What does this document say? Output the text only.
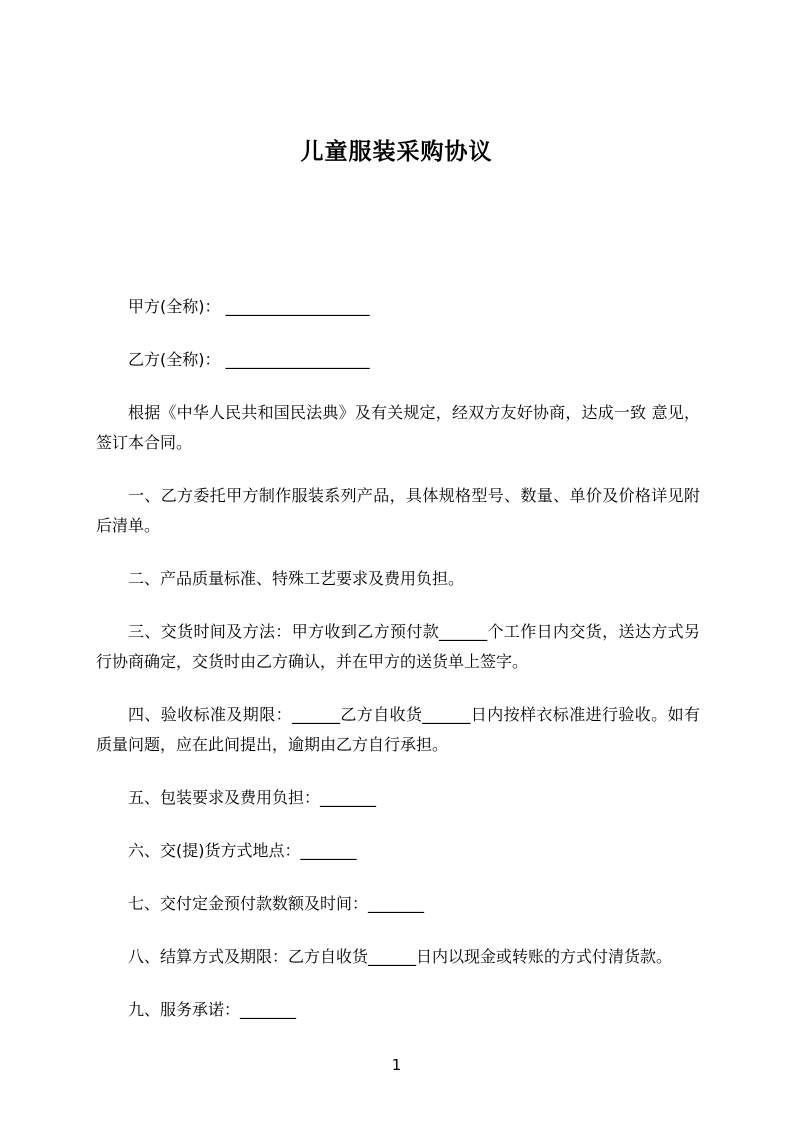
儿童服装采购协议

甲方(全称)： __________________

乙方(全称)： __________________

根据《中华人民共和国民法典》及有关规定，经双方友好协商，达成一致 意见，签订本合同。

一、乙方委托甲方制作服装系列产品，具体规格型号、数量、单价及价格详见附后清单。

二、产品质量标准、特殊工艺要求及费用负担。

三、交货时间及方法：甲方收到乙方预付款______个工作日内交货，送达方式另行协商确定，交货时由乙方确认，并在甲方的送货单上签字。

四、验收标准及期限：______乙方自收货______日内按样衣标准进行验收。如有质量问题，应在此间提出，逾期由乙方自行承担。

五、包装要求及费用负担：_______

六、交(提)货方式地点：_______

七、交付定金预付款数额及时间：_______

八、结算方式及期限：乙方自收货______日内以现金或转账的方式付清货款。

九、服务承诺：_______

1
